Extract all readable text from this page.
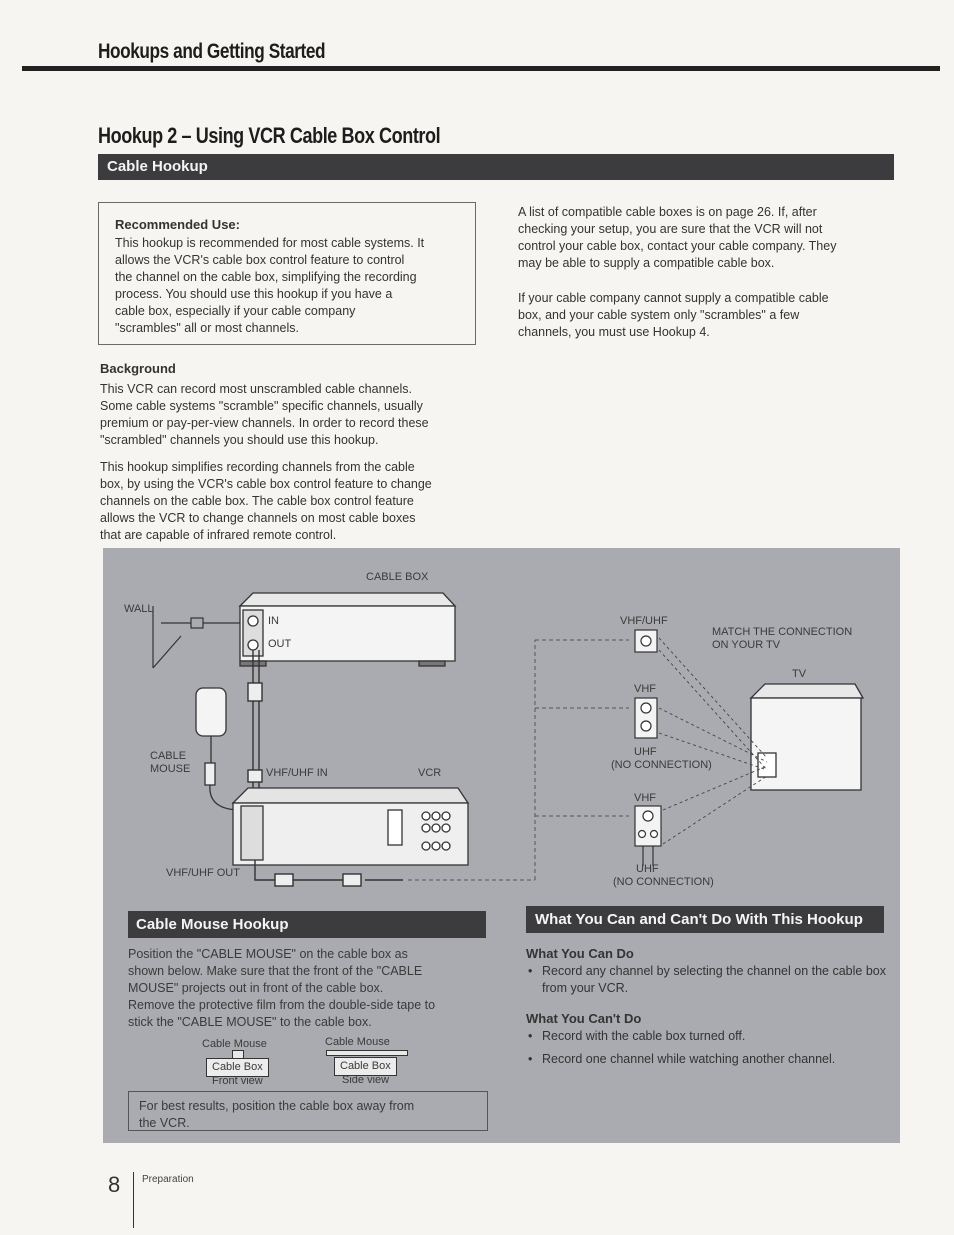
Hookups and Getting Started
Hookup 2 – Using VCR Cable Box Control
Cable Hookup
Recommended Use:
This hookup is recommended for most cable systems. It
allows the VCR's cable box control feature to control
the channel on the cable box, simplifying the recording
process. You should use this hookup if you have a
cable box, especially if your cable company
"scrambles" all or most channels.
Background
This VCR can record most unscrambled cable channels.
Some cable systems "scramble" specific channels, usually
premium or pay-per-view channels. In order to record these
"scrambled" channels you should use this hookup.
This hookup simplifies recording channels from the cable
box, by using the VCR's cable box control feature to change
channels on the cable box. The cable box control feature
allows the VCR to change channels on most cable boxes
that are capable of infrared remote control.
A list of compatible cable boxes is on page 26. If, after
checking your setup, you are sure that the VCR will not
control your cable box, contact your cable company. They
may be able to supply a compatible cable box.
If your cable company cannot supply a compatible cable
box, and your cable system only "scrambles" a few
channels, you must use Hookup 4.
CABLE BOX
WALL
IN
OUT
CABLE
MOUSE	VHF/UHF IN	VCR
VHF/UHF OUT
VHF/UHF
MATCH THE CONNECTION
ON YOUR TV
TV
VHF
UHF
(NO CONNECTION)
VHF
UHF
(NO CONNECTION)
Cable Mouse Hookup
Position the "CABLE MOUSE" on the cable box as
shown below. Make sure that the front of the "CABLE
MOUSE" projects out in front of the cable box.
Remove the protective film from the double-side tape to
stick the "CABLE MOUSE" to the cable box.
Cable Mouse
Cable Box
Front view
Cable Mouse
Cable Box
Side view
For best results, position the cable box away from
the VCR.
What You Can and Can't Do With This Hookup
What You Can Do
• Record any channel by selecting the channel on the cable box from your VCR.
What You Can't Do
• Record with the cable box turned off.
• Record one channel while watching another channel.
8 Preparation
